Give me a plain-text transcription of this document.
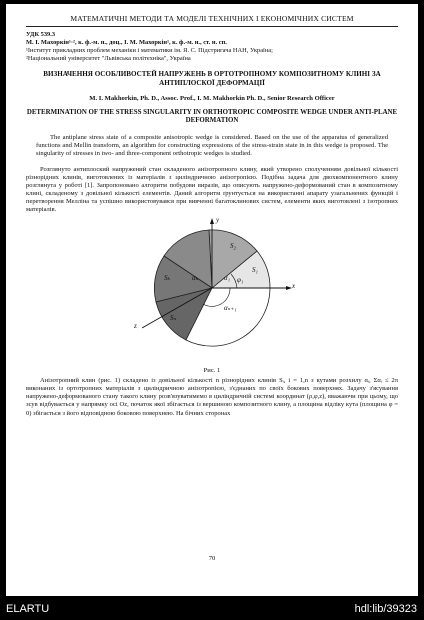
МАТЕМАТИЧНІ МЕТОДИ ТА МОДЕЛІ ТЕХНІЧНИХ І ЕКОНОМІЧНИХ СИСТЕМ
УДК 539.3
М. І. Махоркін¹·², к. ф.-м. н., доц., І. М. Махоркін¹, к. ф.-м. н., ст. н. сп.
¹Інститут прикладних проблем механіки і математики ім. Я. С. Підстригача НАН, Україна;
²Національний університет "Львівська політехніка", Україна
ВИЗНАЧЕННЯ ОСОБЛИВОСТЕЙ НАПРУЖЕНЬ В ОРТОТРОПНОМУ КОМПОЗИТНОМУ КЛИНІ ЗА АНТИПЛОСКОЇ ДЕФОРМАЦІЇ
M. I. Makhorkin, Ph. D., Assoc. Prof., I. M. Makhorkin Ph. D., Senior Research Officer
DETERMINATION OF THE STRESS SINGULARITY IN ORTHOTROPIC COMPOSITE WEDGE UNDER ANTI-PLANE DEFORMATION
The antiplane stress state of a composite anisotropic wedge is considered. Based on the use of the apparatus of generalized functions and Mellin transform, an algorithm for constructing expressions of the stress-strain state in in this wedge is proposed. The singularity of stresses in two- and three-component orthotropic wedges is studied.
Розглянуто антиплоский напружений стан складеного анізотропного клину, який утворено сполученням довільної кількості різнорідних клинів, виготовлених із матеріалів з циліндричною анізотропією. Подібна задача для двохкомпонентного клину розглянута у роботі [1]. Запропоновано алгоритм побудови виразів, що описують напружено-деформований стан в композитному клині, складеному з довільної кількості елементів. Даний алгоритм ґрунтується на використанні апарату узагальнених функцій і перетворення Мелліна та успішно використовувався при вивченні багатоклинових систем, елементи яких виготовлені з ізотропних матеріалів.
y
x
z
S₁
S₂
Sₖ
Sₙ
α₁
αₖ	φ₁
αₙ₊₁
Рис. 1
Анізотропний клин (рис. 1) складено із довільної кількості n різнорідних клинів Sᵢ, i = 1,n з кутами розхилу αᵢ, Σαᵢ ≤ 2π виконаних із ортотропних матеріалів з циліндричною анізотропією, з'єднаних по своїх бокових поверхнях. Задачу з'ясування напружено-деформованого стану такого клину розв'язуватимемо в циліндричній системі координат (ρ,φ,z), вважаючи при цьому, що зсув відбувається у напрямку осі Oz, початок якої збігається із вершиною композитного клину, а площина відліку кута (площина φ = 0) збігається з його відповідною боковою поверхнею. На бічних сторонах
70
ELARTU	hdl:lib/39323
